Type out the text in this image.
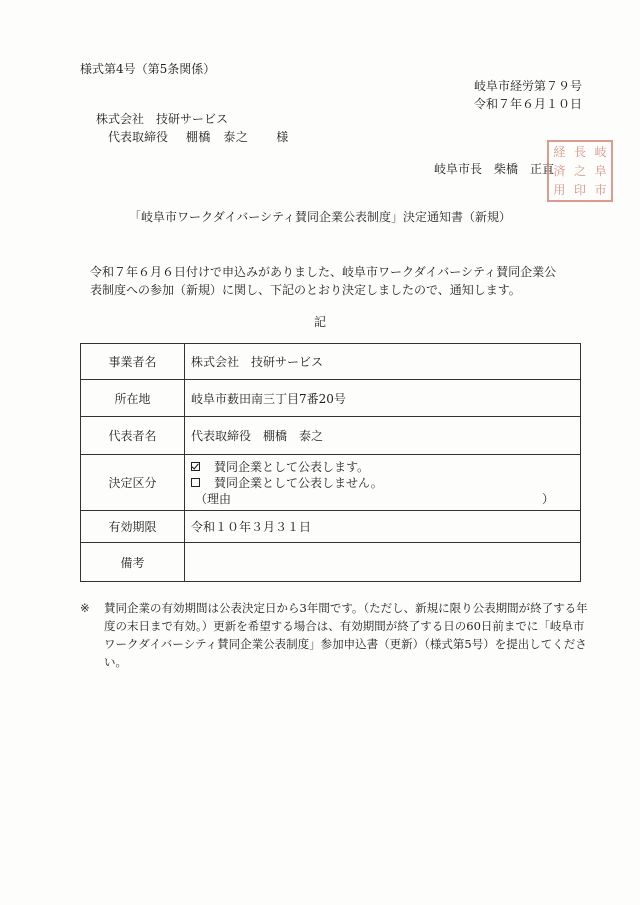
様式第4号（第5条関係）
岐阜市経労第７９号
令和７年６月１０日
株式会社　技研サービス
代表取締役 棚橋　泰之 様
岐阜市長　柴橋　正直
岐
阜
市
長
之
印
経
済
用
「岐阜市ワークダイバーシティ賛同企業公表制度」決定通知書（新規）
令和７年６月６日付けで申込みがありました、岐阜市ワークダイバーシティ賛同企業公表制度への参加（新規）に関し、下記のとおり決定しましたので、通知します。
記
事業者名	株式会社　技研サービス
所在地	岐阜市薮田南三丁目7番20号
代表者名	代表取締役　棚橋　泰之
決定区分	賛同企業として公表します。
賛同企業として公表しません。
（理由 ）

有効期限	令和１０年３月３１日
備考	
※ 賛同企業の有効期間は公表決定日から3年間です。（ただし、新規に限り公表期間が終了する年度の末日まで有効。）更新を希望する場合は、有効期間が終了する日の60日前までに「岐阜市ワークダイバーシティ賛同企業公表制度」参加申込書（更新）（様式第5号）を提出してください。
